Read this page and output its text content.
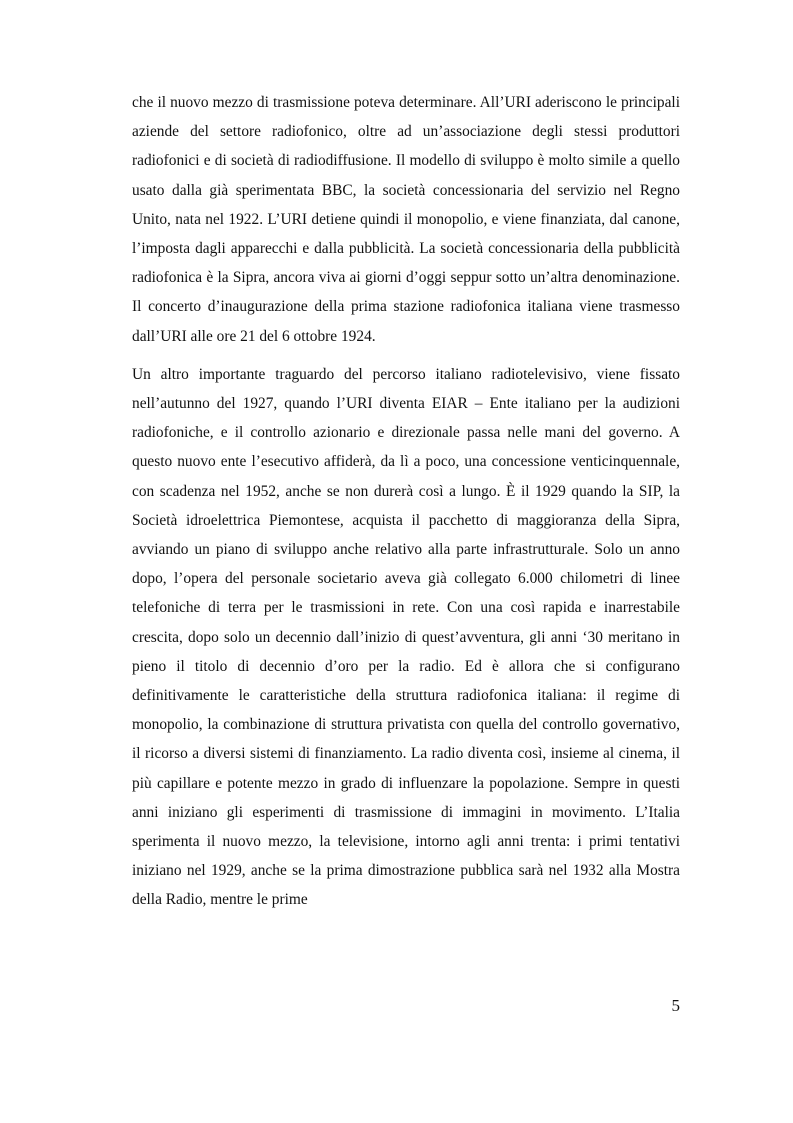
che il nuovo mezzo di trasmissione poteva determinare. All’URI aderiscono le principali aziende del settore radiofonico, oltre ad un’associazione degli stessi produttori radiofonici e di società di radiodiffusione. Il modello di sviluppo è molto simile a quello usato dalla già sperimentata BBC, la società concessionaria del servizio nel Regno Unito, nata nel 1922. L’URI detiene quindi il monopolio, e viene finanziata, dal canone, l’imposta dagli apparecchi e dalla pubblicità. La società concessionaria della pubblicità radiofonica è la Sipra, ancora viva ai giorni d’oggi seppur sotto un’altra denominazione. Il concerto d’inaugurazione della prima stazione radiofonica italiana viene trasmesso dall’URI alle ore 21 del 6 ottobre 1924.

Un altro importante traguardo del percorso italiano radiotelevisivo, viene fissato nell’autunno del 1927, quando l’URI diventa EIAR – Ente italiano per la audizioni radiofoniche, e il controllo azionario e direzionale passa nelle mani del governo. A questo nuovo ente l’esecutivo affiderà, da lì a poco, una concessione venticinquennale, con scadenza nel 1952, anche se non durerà così a lungo. È il 1929 quando la SIP, la Società idroelettrica Piemontese, acquista il pacchetto di maggioranza della Sipra, avviando un piano di sviluppo anche relativo alla parte infrastrutturale. Solo un anno dopo, l’opera del personale societario aveva già collegato 6.000 chilometri di linee telefoniche di terra per le trasmissioni in rete. Con una così rapida e inarrestabile crescita, dopo solo un decennio dall’inizio di quest’avventura, gli anni ‘30 meritano in pieno il titolo di decennio d’oro per la radio. Ed è allora che si configurano definitivamente le caratteristiche della struttura radiofonica italiana: il regime di monopolio, la combinazione di struttura privatista con quella del controllo governativo, il ricorso a diversi sistemi di finanziamento. La radio diventa così, insieme al cinema, il più capillare e potente mezzo in grado di influenzare la popolazione. Sempre in questi anni iniziano gli esperimenti di trasmissione di immagini in movimento. L’Italia sperimenta il nuovo mezzo, la televisione, intorno agli anni trenta: i primi tentativi iniziano nel 1929, anche se la prima dimostrazione pubblica sarà nel 1932 alla Mostra della Radio, mentre le prime

5
